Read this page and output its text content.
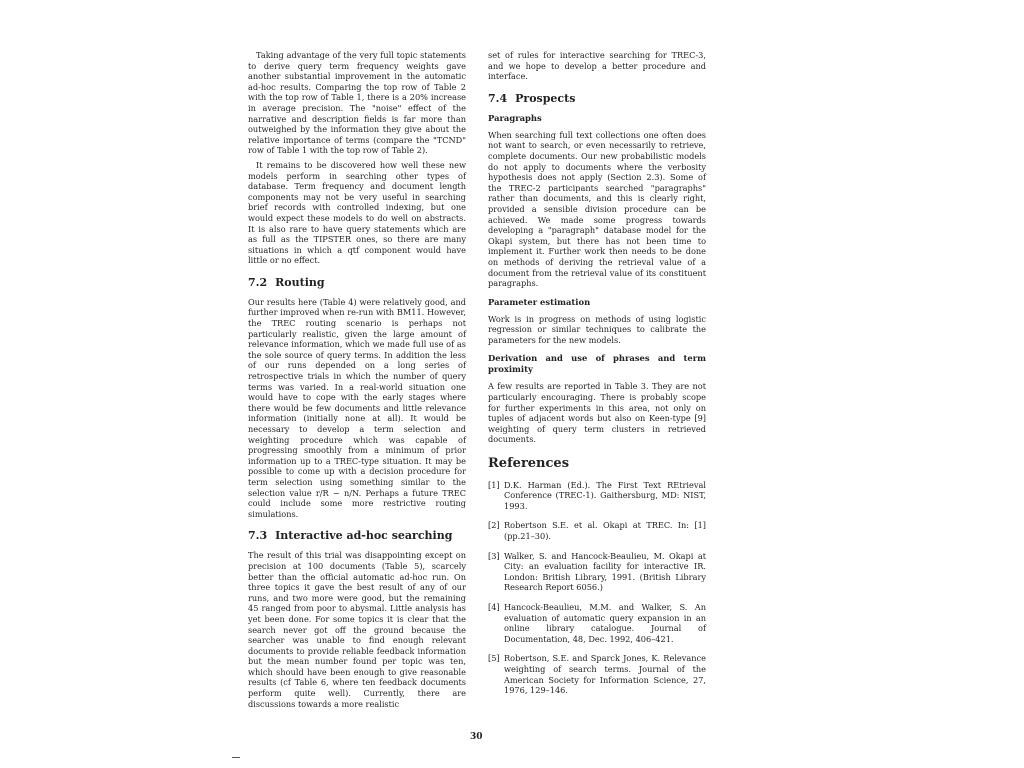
Taking advantage of the very full topic statements to derive query term frequency weights gave another substantial improvement in the automatic ad-hoc results. Comparing the top row of Table 2 with the top row of Table 1, there is a 20% increase in average precision. The "noise" effect of the narrative and description fields is far more than outweighed by the information they give about the relative importance of terms (compare the "TCND" row of Table 1 with the top row of Table 2).

It remains to be discovered how well these new models perform in searching other types of database. Term frequency and document length components may not be very useful in searching brief records with controlled indexing, but one would expect these models to do well on abstracts. It is also rare to have query statements which are as full as the TIPSTER ones, so there are many situations in which a qtf component would have little or no effect.

7.2 Routing

Our results here (Table 4) were relatively good, and further improved when re-run with BM11. However, the TREC routing scenario is perhaps not particularly realistic, given the large amount of relevance information, which we made full use of as the sole source of query terms. In addition the less of our runs depended on a long series of retrospective trials in which the number of query terms was varied. In a real-world situation one would have to cope with the early stages where there would be few documents and little relevance information (initially none at all). It would be necessary to develop a term selection and weighting procedure which was capable of progressing smoothly from a minimum of prior information up to a TREC-type situation. It may be possible to come up with a decision procedure for term selection using something similar to the selection value r/R − n/N. Perhaps a future TREC could include some more restrictive routing simulations.

7.3 Interactive ad-hoc searching

The result of this trial was disappointing except on precision at 100 documents (Table 5), scarcely better than the official automatic ad-hoc run. On three topics it gave the best result of any of our runs, and two more were good, but the remaining 45 ranged from poor to abysmal. Little analysis has yet been done. For some topics it is clear that the search never got off the ground because the searcher was unable to find enough relevant documents to provide reliable feedback information but the mean number found per topic was ten, which should have been enough to give reasonable results (cf Table 6, where ten feedback documents perform quite well). Currently, there are discussions towards a more realistic

set of rules for interactive searching for TREC-3, and we hope to develop a better procedure and interface.

7.4 Prospects
Paragraphs

When searching full text collections one often does not want to search, or even necessarily to retrieve, complete documents. Our new probabilistic models do not apply to documents where the verbosity hypothesis does not apply (Section 2.3). Some of the TREC-2 participants searched "paragraphs" rather than documents, and this is clearly right, provided a sensible division procedure can be achieved. We made some progress towards developing a "paragraph" database model for the Okapi system, but there has not been time to implement it. Further work then needs to be done on methods of deriving the retrieval value of a document from the retrieval value of its constituent paragraphs.

Parameter estimation

Work is in progress on methods of using logistic regression or similar techniques to calibrate the parameters for the new models.

Derivation and use of phrases and term proximity

A few results are reported in Table 3. They are not particularly encouraging. There is probably scope for further experiments in this area, not only on tuples of adjacent words but also on Keen-type [9] weighting of query term clusters in retrieved documents.

References
[1] D.K. Harman (Ed.). The First Text REtrieval Conference (TREC-1). Gaithersburg, MD: NIST, 1993.
[2] Robertson S.E. et al. Okapi at TREC. In: [1] (pp.21–30).
[3] Walker, S. and Hancock-Beaulieu, M. Okapi at City: an evaluation facility for interactive IR. London: British Library, 1991. (British Library Research Report 6056.)
[4] Hancock-Beaulieu, M.M. and Walker, S. An evaluation of automatic query expansion in an online library catalogue. Journal of Documentation, 48, Dec. 1992, 406–421.
[5] Robertson, S.E. and Sparck Jones, K. Relevance weighting of search terms. Journal of the American Society for Information Science, 27, 1976, 129–146.
30
